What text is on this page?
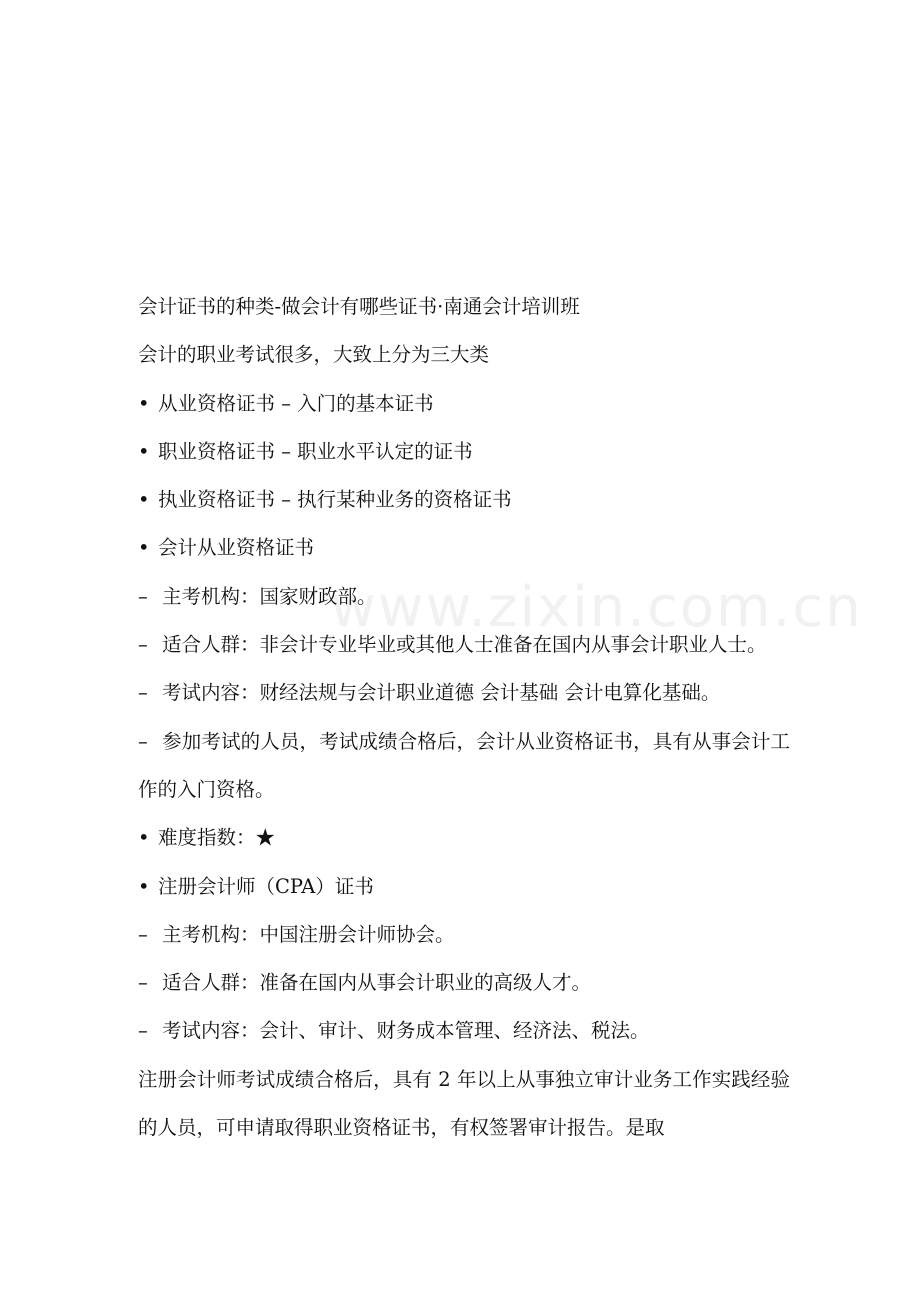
www.zixin.com.cn
会计证书的种类-做会计有哪些证书·南通会计培训班
会计的职业考试很多，大致上分为三大类
• 从业资格证书 – 入门的基本证书
• 职业资格证书 – 职业水平认定的证书
• 执业资格证书 – 执行某种业务的资格证书
• 会计从业资格证书
– 主考机构：国家财政部。
– 适合人群：非会计专业毕业或其他人士准备在国内从事会计职业人士。
– 考试内容：财经法规与会计职业道德 会计基础 会计电算化基础。
– 参加考试的人员，考试成绩合格后，会计从业资格证书，具有从事会计工作的入门资格。
• 难度指数：★
• 注册会计师（CPA）证书
– 主考机构：中国注册会计师协会。
– 适合人群：准备在国内从事会计职业的高级人才。
– 考试内容：会计、审计、财务成本管理、经济法、税法。
注册会计师考试成绩合格后，具有 2 年以上从事独立审计业务工作实践经验的人员，可申请取得职业资格证书，有权签署审计报告。是取
